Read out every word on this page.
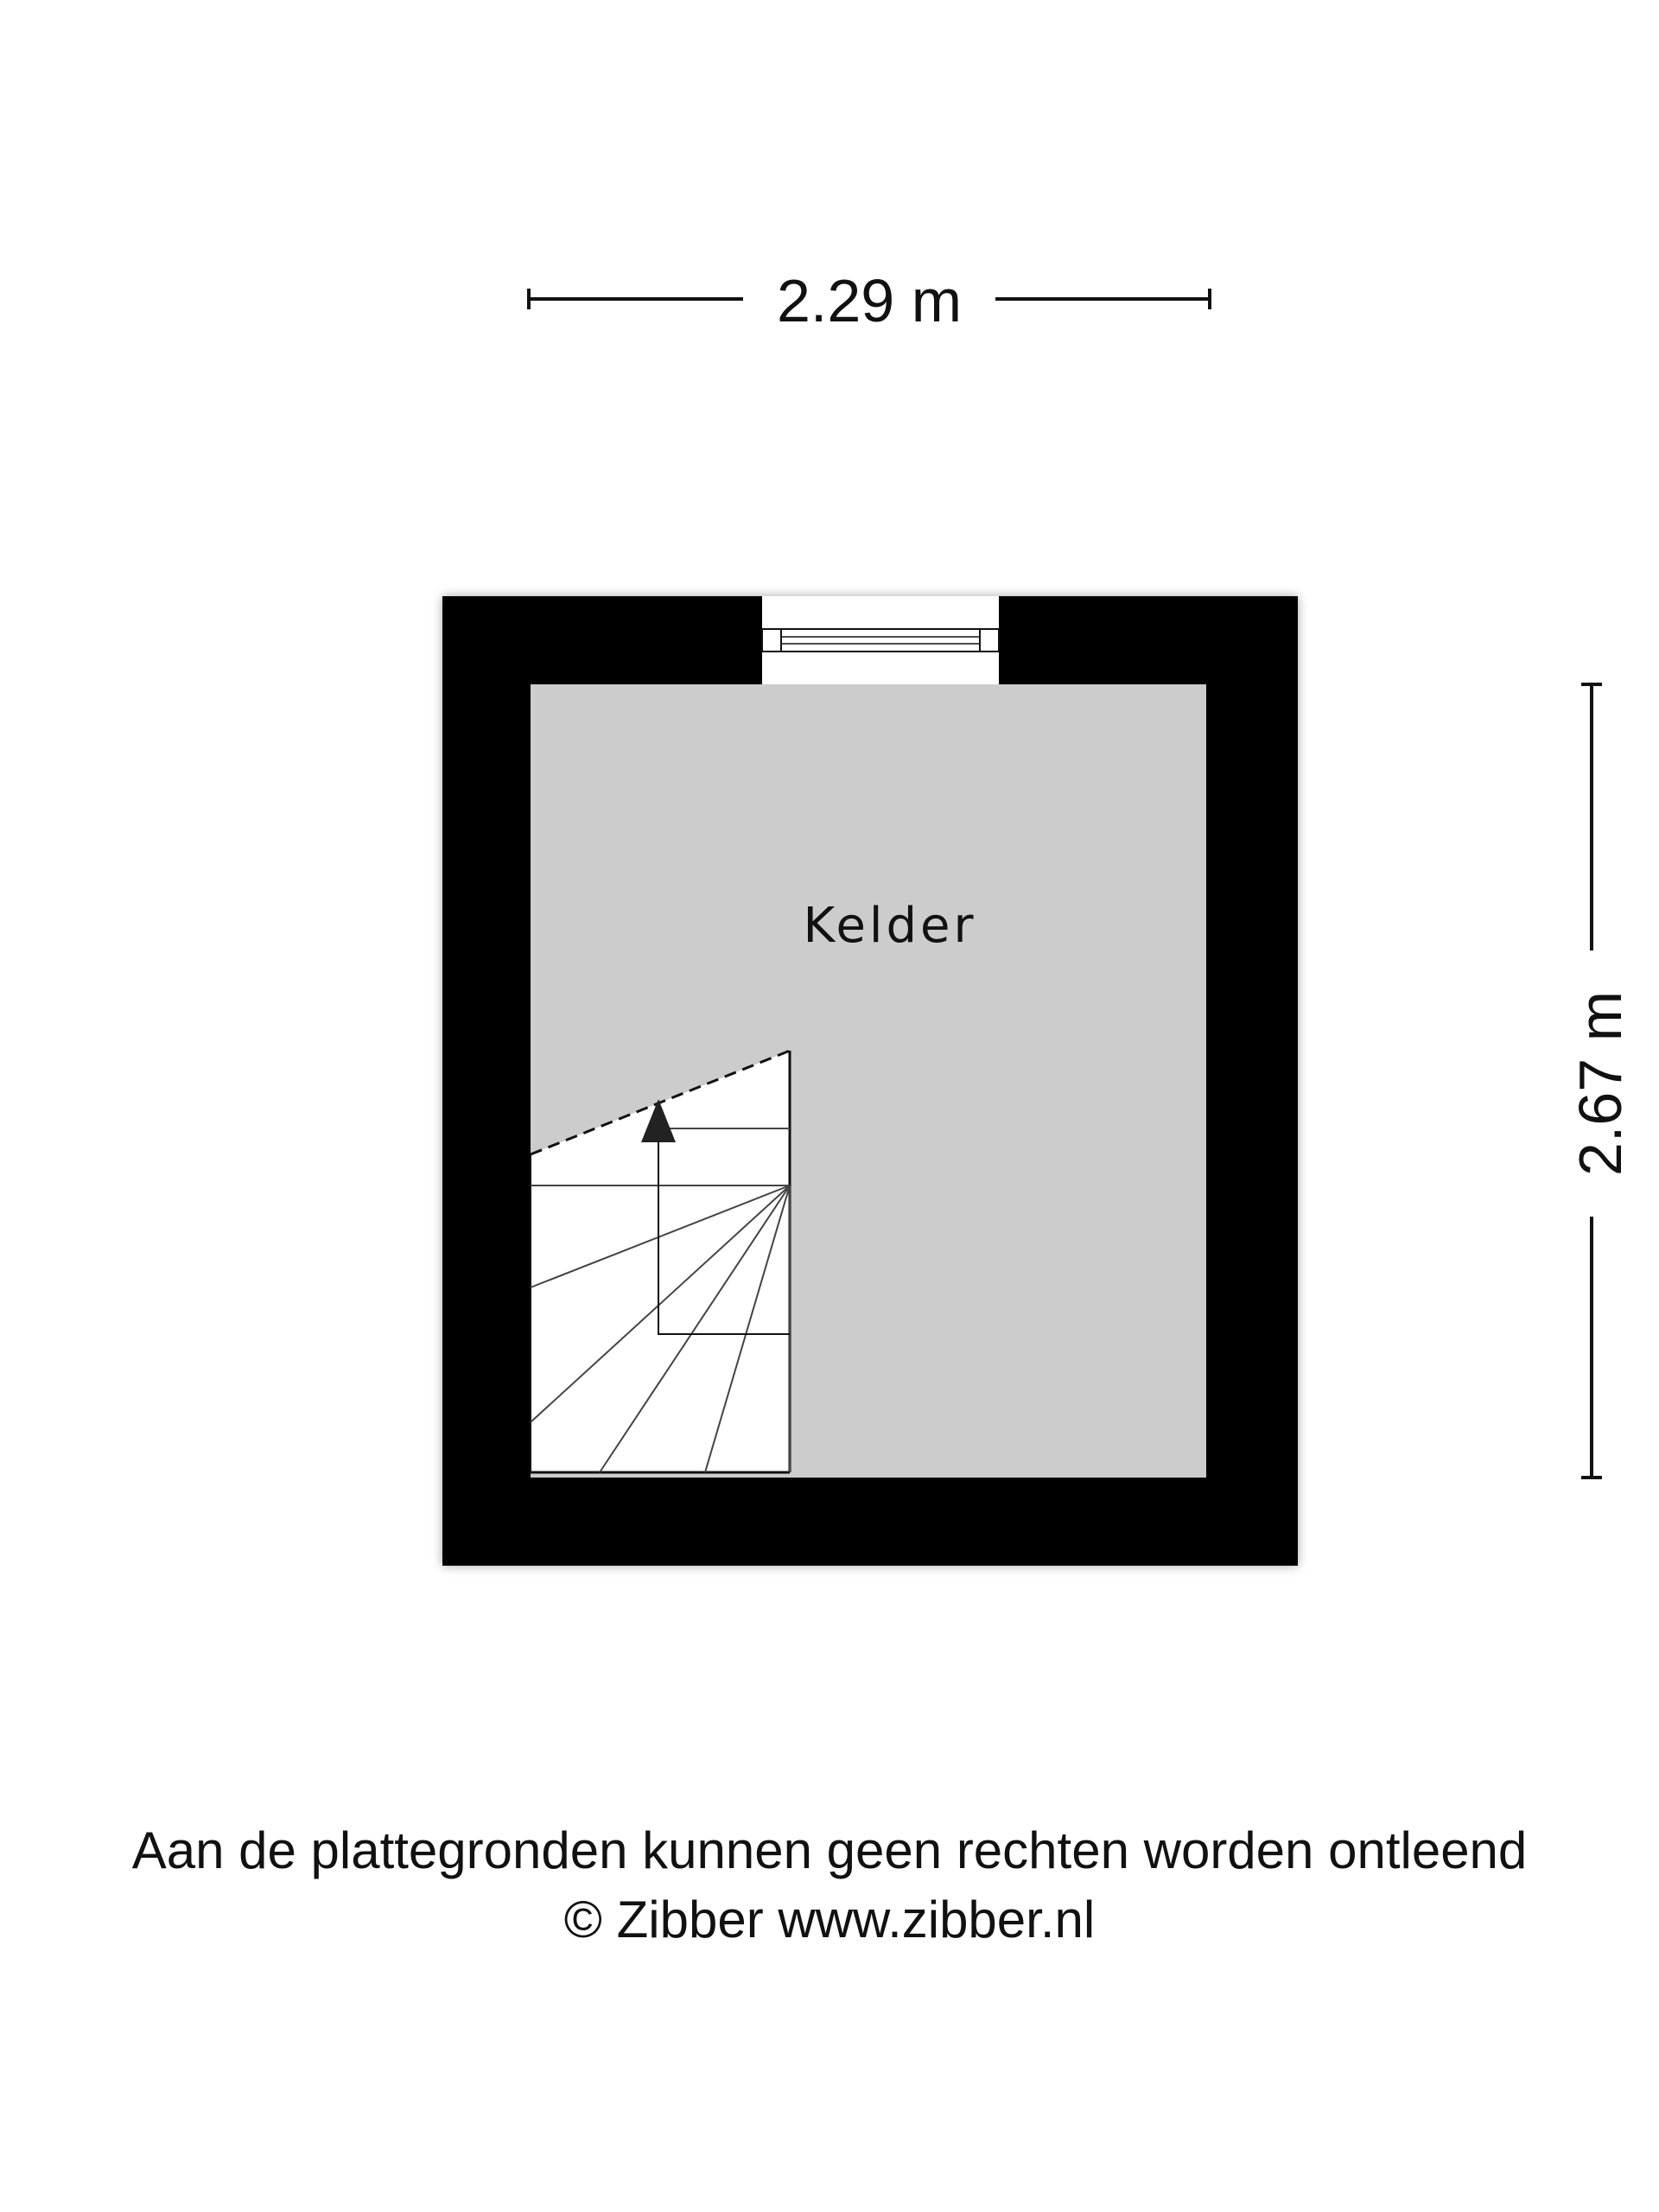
2.29 m
2.67 m
Kelder
Aan de plattegronden kunnen geen rechten worden ontleend
© Zibber www.zibber.nl
